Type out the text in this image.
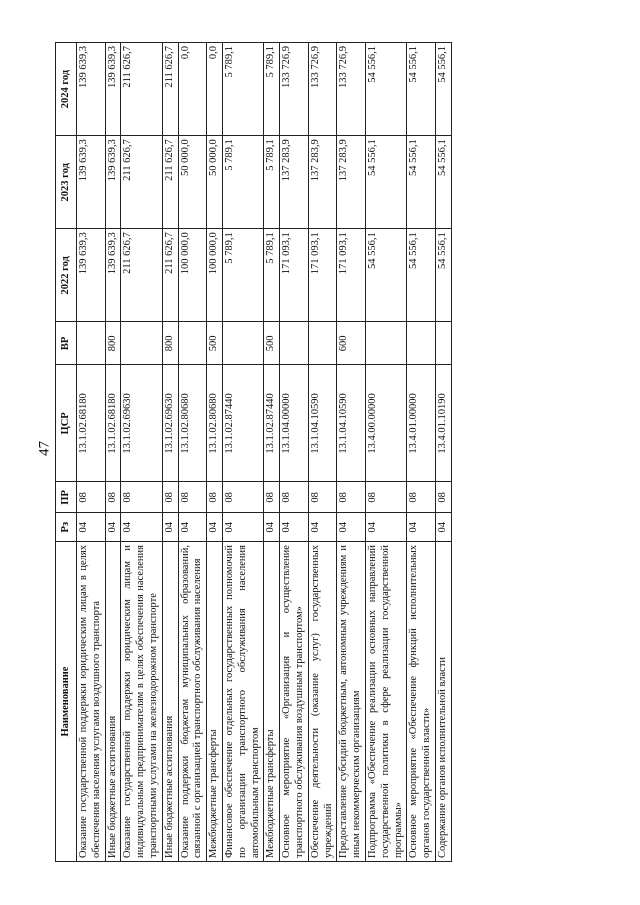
47
Наименование	Рз	ПР	ЦСР	ВР	2022 год	2023 год	2024 год
Оказание государственной поддержки юридическим лицам в целях обеспечения населения услугами воздушного транспорта	04	08	13.1.02.68180		139 639,3	139 639,3	139 639,3
Иные бюджетные ассигнования	04	08	13.1.02.68180	800	139 639,3	139 639,3	139 639,3
Оказание государственной поддержки юридическим лицам и индивидуальным предпринимателям в целях обеспечения населения транспортными услугами на железнодорожном транспорте	04	08	13.1.02.69630		211 626,7	211 626,7	211 626,7
Иные бюджетные ассигнования	04	08	13.1.02.69630	800	211 626,7	211 626,7	211 626,7
Оказание поддержки бюджетам муниципальных образований, связанной с организацией транспортного обслуживания населения	04	08	13.1.02.80680		100 000,0	50 000,0	0,0
Межбюджетные трансферты	04	08	13.1.02.80680	500	100 000,0	50 000,0	0,0
Финансовое обеспечение отдельных государственных полномочий по организации транспортного обслуживания населения автомобильным транспортом	04	08	13.1.02.87440		5 789,1	5 789,1	5 789,1
Межбюджетные трансферты	04	08	13.1.02.87440	500	5 789,1	5 789,1	5 789,1
Основное мероприятие «Организация и осуществление транспортного обслуживания воздушным транспортом»	04	08	13.1.04.00000		171 093,1	137 283,9	133 726,9
Обеспечение деятельности (оказание услуг) государственных учреждений	04	08	13.1.04.10590		171 093,1	137 283,9	133 726,9
Предоставление субсидий бюджетным, автономным учреждениям и иным некоммерческим организациям	04	08	13.1.04.10590	600	171 093,1	137 283,9	133 726,9
Подпрограмма «Обеспечение реализации основных направлений государственной политики в сфере реализации государственной программы»	04	08	13.4.00.00000		54 556,1	54 556,1	54 556,1
Основное мероприятие «Обеспечение функций исполнительных органов государственной власти»	04	08	13.4.01.00000		54 556,1	54 556,1	54 556,1
Содержание органов исполнительной власти	04	08	13.4.01.10190		54 556,1	54 556,1	54 556,1
